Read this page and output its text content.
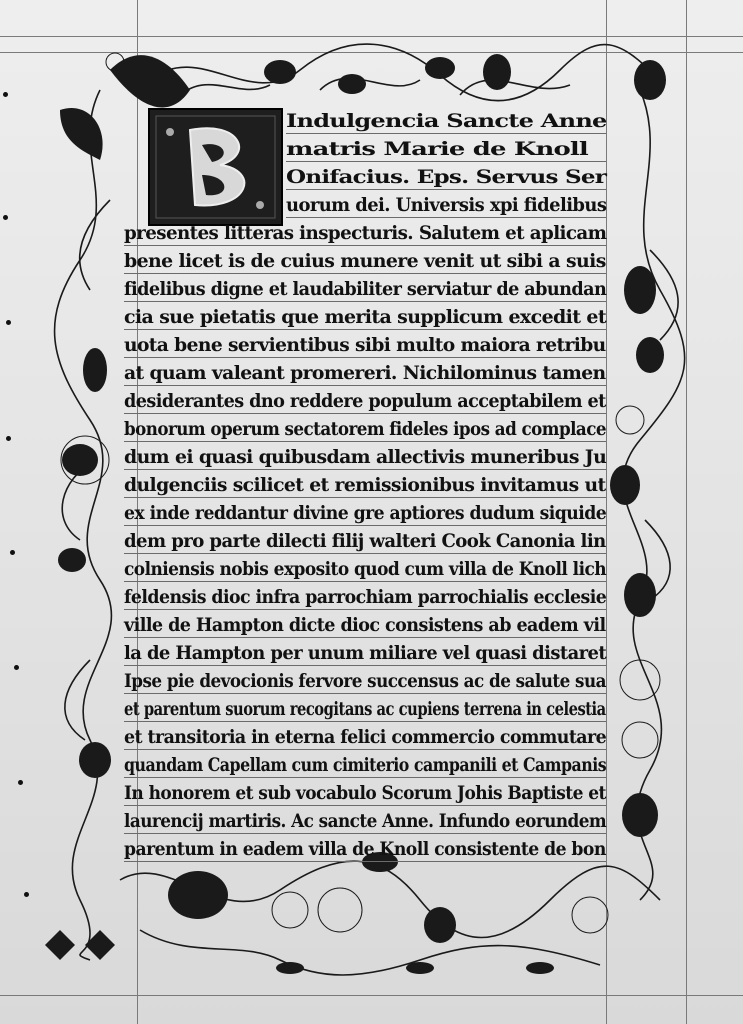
Indulgencia Sancte Anne
matris Marie de Knoll
Onifacius. Eps. Servus Ser
uorum dei. Universis xpi fidelibus
presentes litteras inspecturis. Salutem et aplicam
bene licet is de cuius munere venit ut sibi a suis
fidelibus digne et laudabiliter serviatur de abundan
cia sue pietatis que merita supplicum excedit et
uota bene servientibus sibi multo maiora retribu
at quam valeant promereri. Nichilominus tamen
desiderantes dno reddere populum acceptabilem et
bonorum operum sectatorem fideles ipos ad complace
dum ei quasi quibusdam allectivis muneribus Ju
dulgenciis scilicet et remissionibus invitamus ut
ex inde reddantur divine gre aptiores dudum siquide
dem pro parte dilecti filij walteri Cook Canonia lin
colniensis nobis exposito quod cum villa de Knoll lich
feldensis dioc infra parrochiam parrochialis ecclesie
ville de Hampton dicte dioc consistens ab eadem vil
la de Hampton per unum miliare vel quasi distaret
Ipse pie devocionis fervore succensus ac de salute sua
et parentum suorum recogitans ac cupiens terrena in celestia
et transitoria in eterna felici commercio commutare
quandam Capellam cum cimiterio campanili et Campanis
In honorem et sub vocabulo Scorum Johis Baptiste et
laurencij martiris. Ac sancte Anne. Infundo eorundem
parentum in eadem villa de Knoll consistente de bon
